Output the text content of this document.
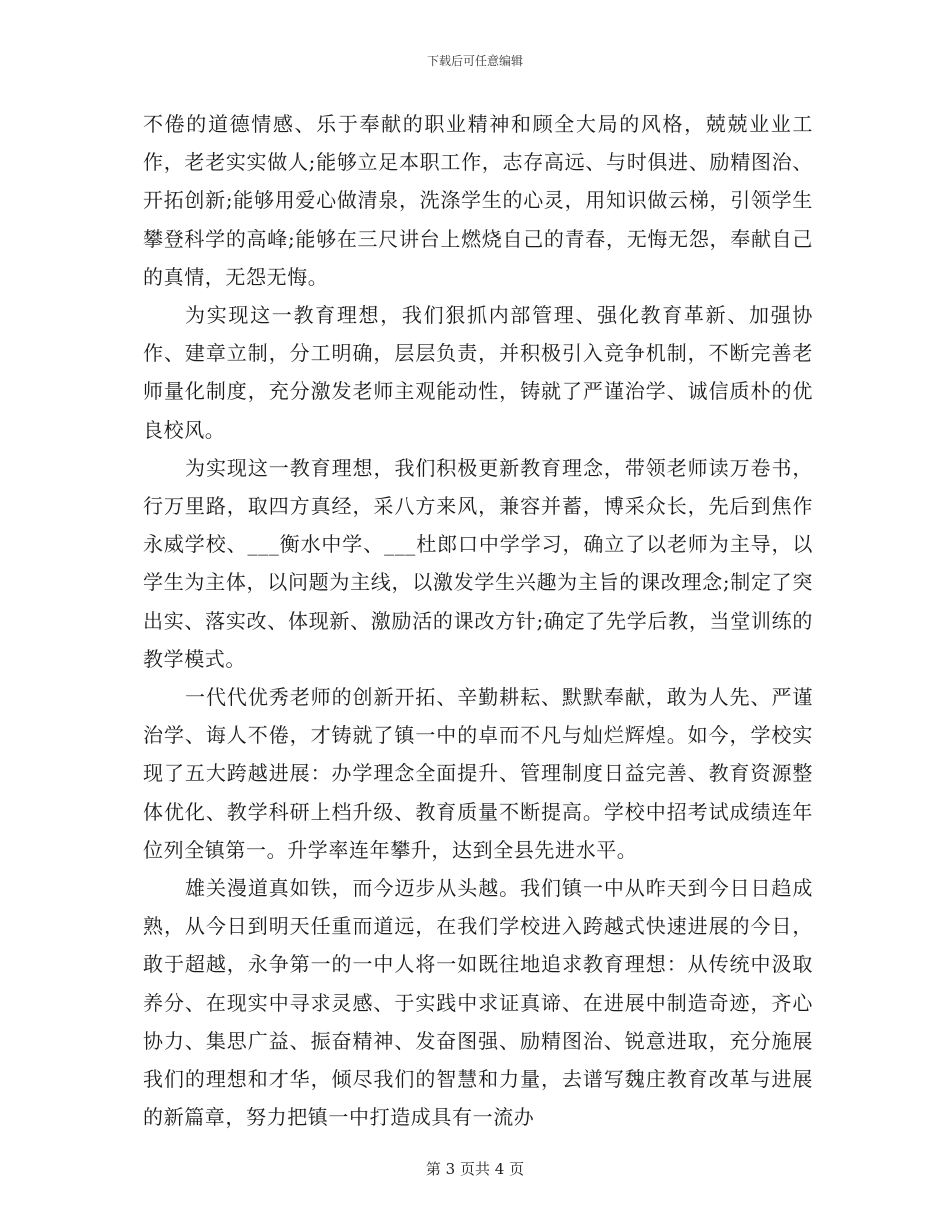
下载后可任意编辑

不倦的道德情感、乐于奉献的职业精神和顾全大局的风格，兢兢业业工作，老老实实做人;能够立足本职工作，志存高远、与时俱进、励精图治、开拓创新;能够用爱心做清泉，洗涤学生的心灵，用知识做云梯，引领学生攀登科学的高峰;能够在三尺讲台上燃烧自己的青春，无悔无怨，奉献自己的真情，无怨无悔。

为实现这一教育理想，我们狠抓内部管理、强化教育革新、加强协作、建章立制，分工明确，层层负责，并积极引入竞争机制，不断完善老师量化制度，充分激发老师主观能动性，铸就了严谨治学、诚信质朴的优良校风。

为实现这一教育理想，我们积极更新教育理念，带领老师读万卷书，行万里路，取四方真经，采八方来风，兼容并蓄，博采众长，先后到焦作永威学校、___衡水中学、___杜郎口中学学习，确立了以老师为主导，以学生为主体，以问题为主线，以激发学生兴趣为主旨的课改理念;制定了突出实、落实改、体现新、激励活的课改方针;确定了先学后教，当堂训练的教学模式。

一代代优秀老师的创新开拓、辛勤耕耘、默默奉献，敢为人先、严谨治学、诲人不倦，才铸就了镇一中的卓而不凡与灿烂辉煌。如今，学校实现了五大跨越进展：办学理念全面提升、管理制度日益完善、教育资源整体优化、教学科研上档升级、教育质量不断提高。学校中招考试成绩连年位列全镇第一。升学率连年攀升，达到全县先进水平。

雄关漫道真如铁，而今迈步从头越。我们镇一中从昨天到今日日趋成熟，从今日到明天任重而道远，在我们学校进入跨越式快速进展的今日，敢于超越，永争第一的一中人将一如既往地追求教育理想：从传统中汲取养分、在现实中寻求灵感、于实践中求证真谛、在进展中制造奇迹，齐心协力、集思广益、振奋精神、发奋图强、励精图治、锐意进取，充分施展我们的理想和才华，倾尽我们的智慧和力量，去谱写魏庄教育改革与进展的新篇章，努力把镇一中打造成具有一流办

第 3 页共 4 页
